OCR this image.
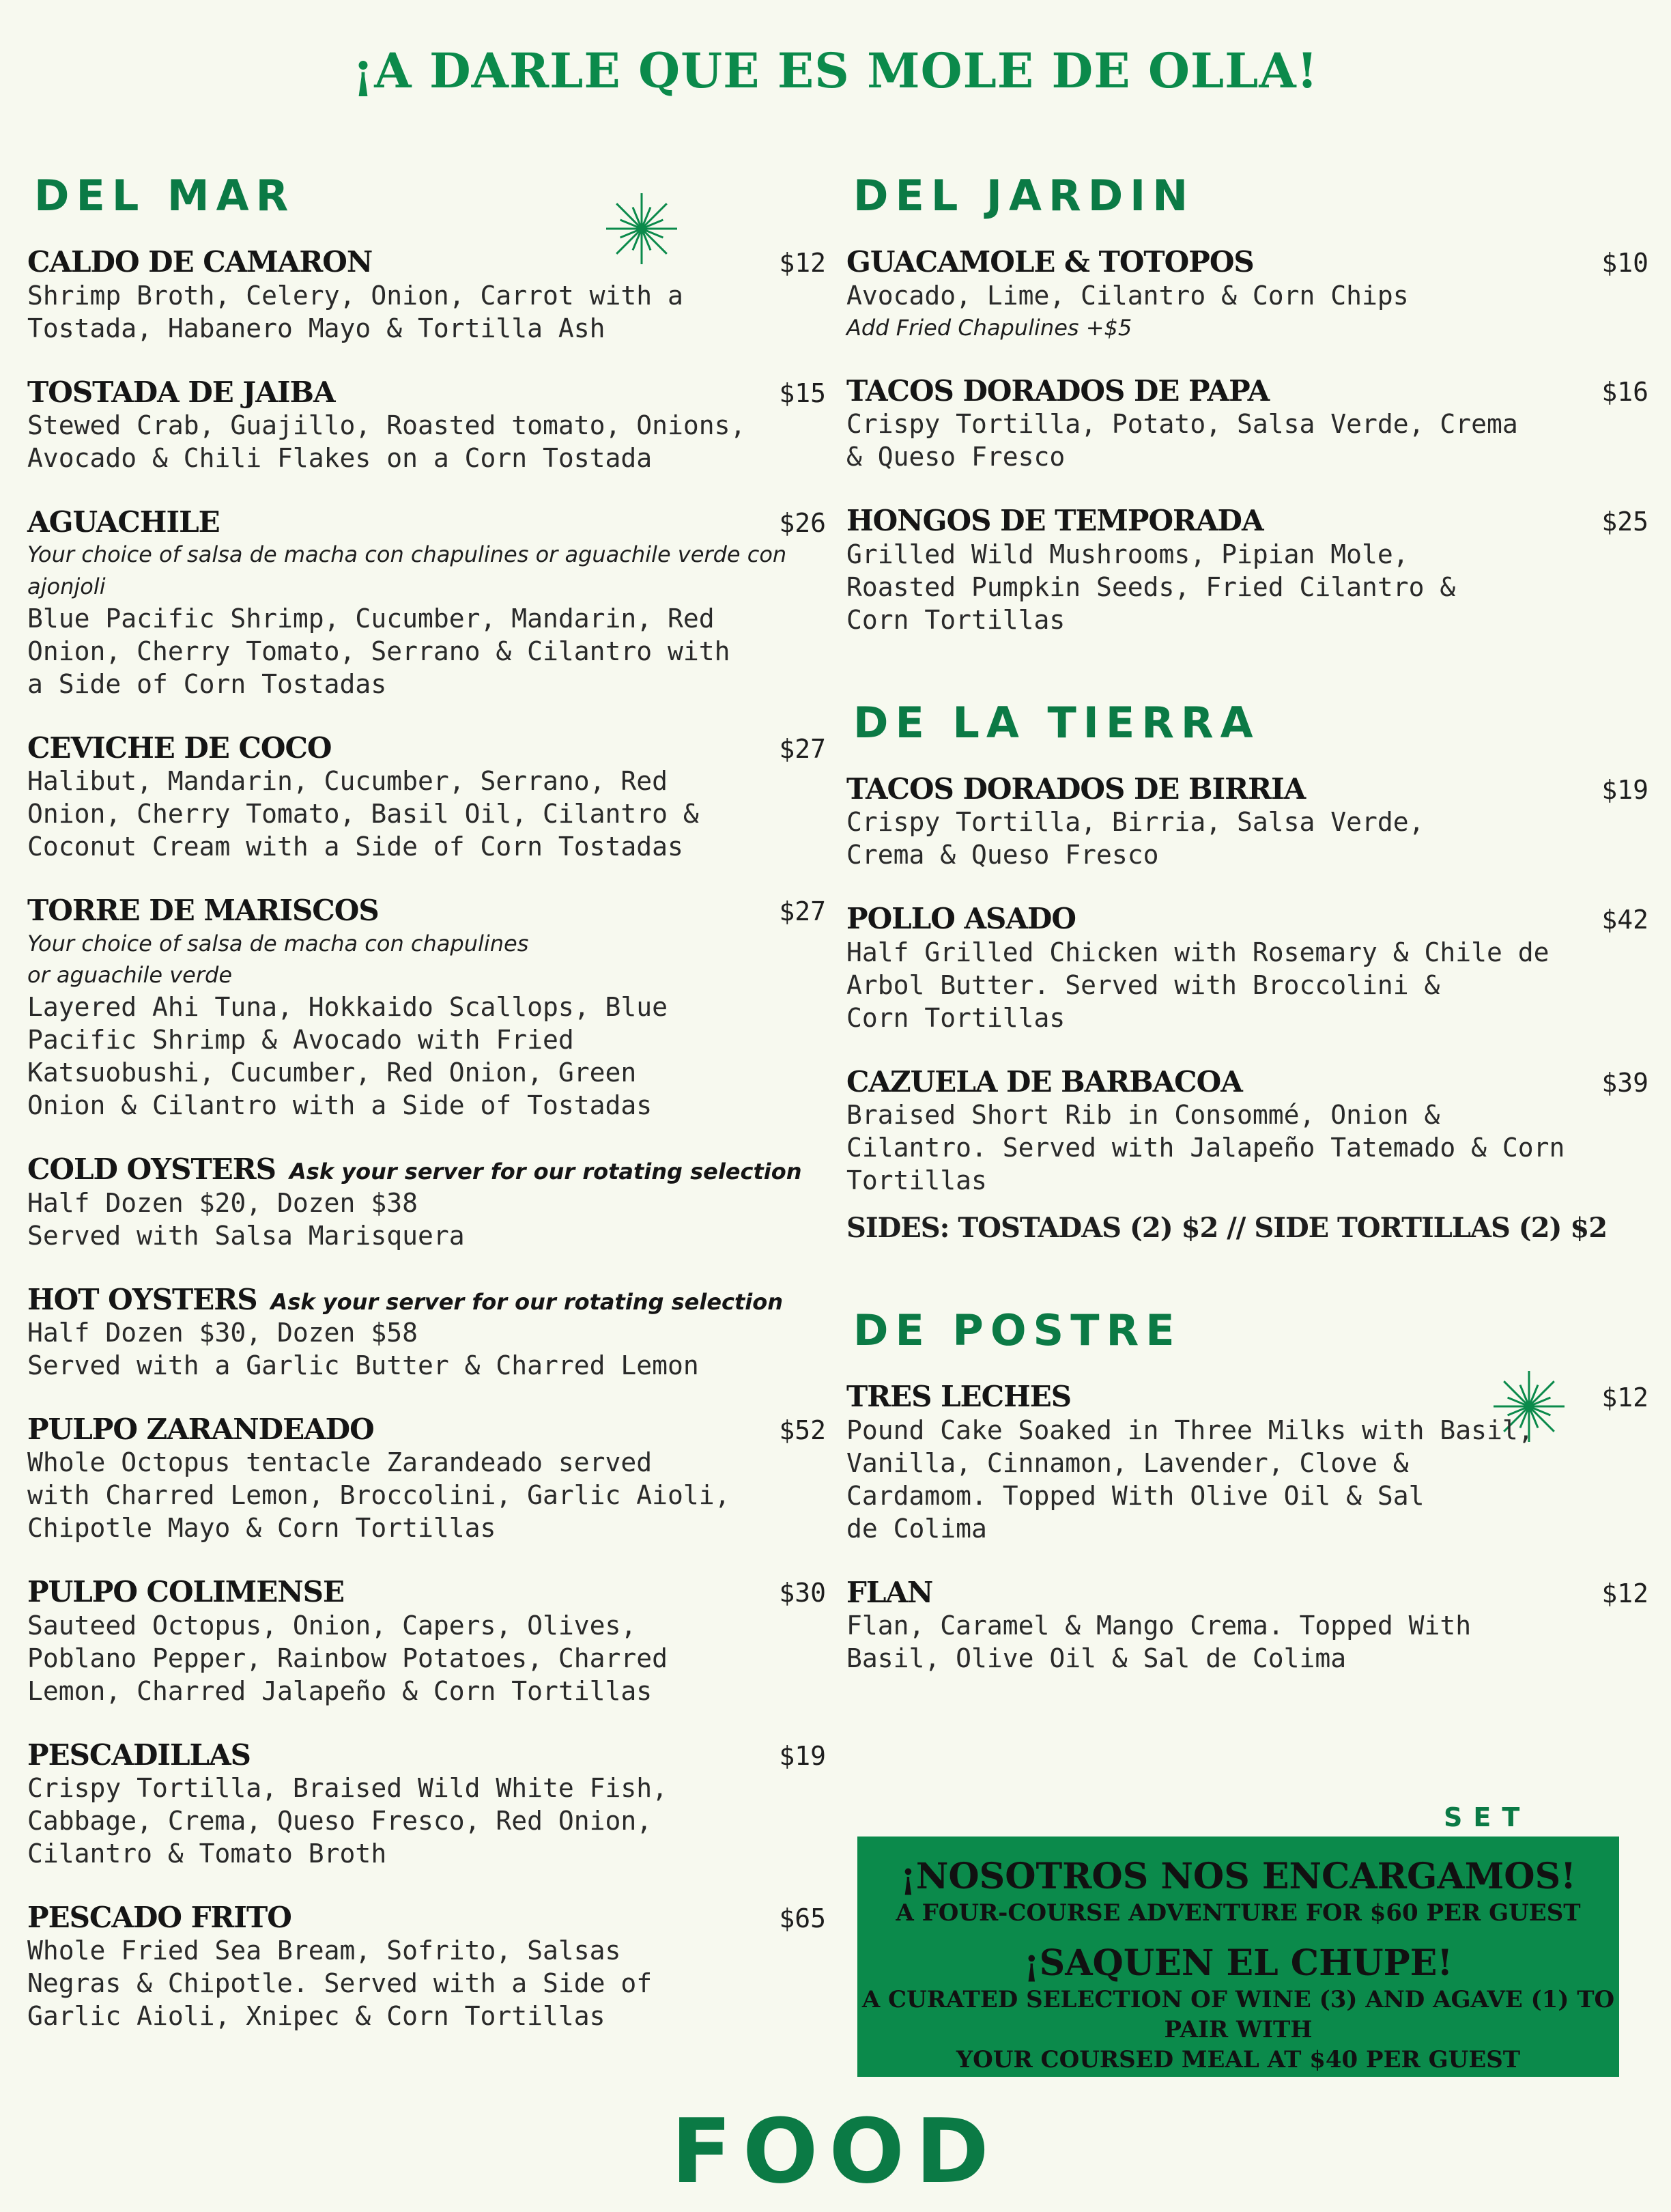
¡A DARLE QUE ES MOLE DE OLLA!
DEL MAR
CALDO DE CAMARON	$12
Shrimp Broth, Celery, Onion, Carrot with a
Tostada, Habanero Mayo & Tortilla Ash
TOSTADA DE JAIBA	$15
Stewed Crab, Guajillo, Roasted tomato, Onions,
Avocado & Chili Flakes on a Corn Tostada
AGUACHILE	$26
Your choice of salsa de macha con chapulines or aguachile verde con ajonjoli
Blue Pacific Shrimp, Cucumber, Mandarin, Red
Onion, Cherry Tomato, Serrano & Cilantro with
a Side of Corn Tostadas
CEVICHE DE COCO	$27
Halibut, Mandarin, Cucumber, Serrano, Red
Onion, Cherry Tomato, Basil Oil, Cilantro &
Coconut Cream with a Side of Corn Tostadas
TORRE DE MARISCOS	$27
Your choice of salsa de macha con chapulines
or aguachile verde
Layered Ahi Tuna, Hokkaido Scallops, Blue
Pacific Shrimp & Avocado with Fried
Katsuobushi, Cucumber, Red Onion, Green
Onion & Cilantro with a Side of Tostadas
COLD OYSTERS Ask your server for our rotating selection
Half Dozen $20, Dozen $38
Served with Salsa Marisquera
HOT OYSTERS Ask your server for our rotating selection
Half Dozen $30, Dozen $58
Served with a Garlic Butter & Charred Lemon
PULPO ZARANDEADO	$52
Whole Octopus tentacle Zarandeado served
with Charred Lemon, Broccolini, Garlic Aioli,
Chipotle Mayo & Corn Tortillas
PULPO COLIMENSE	$30
Sauteed Octopus, Onion, Capers, Olives,
Poblano Pepper, Rainbow Potatoes, Charred
Lemon, Charred Jalapeño & Corn Tortillas
PESCADILLAS	$19
Crispy Tortilla, Braised Wild White Fish,
Cabbage, Crema, Queso Fresco, Red Onion,
Cilantro & Tomato Broth
PESCADO FRITO	$65
Whole Fried Sea Bream, Sofrito, Salsas
Negras & Chipotle. Served with a Side of
Garlic Aioli, Xnipec & Corn Tortillas
DEL JARDIN
GUACAMOLE & TOTOPOS	$10
Avocado, Lime, Cilantro & Corn Chips
Add Fried Chapulines +$5
TACOS DORADOS DE PAPA	$16
Crispy Tortilla, Potato, Salsa Verde, Crema
& Queso Fresco
HONGOS DE TEMPORADA	$25
Grilled Wild Mushrooms, Pipian Mole,
Roasted Pumpkin Seeds, Fried Cilantro &
Corn Tortillas
DE LA TIERRA
TACOS DORADOS DE BIRRIA	$19
Crispy Tortilla, Birria, Salsa Verde,
Crema & Queso Fresco
POLLO ASADO	$42
Half Grilled Chicken with Rosemary & Chile de
Arbol Butter. Served with Broccolini &
Corn Tortillas
CAZUELA DE BARBACOA	$39
Braised Short Rib in Consommé, Onion &
Cilantro. Served with Jalapeño Tatemado & Corn
Tortillas
SIDES: TOSTADAS (2) $2 // SIDE TORTILLAS (2) $2
DE POSTRE
TRES LECHES	$12
Pound Cake Soaked in Three Milks with Basil,
Vanilla, Cinnamon, Lavender, Clove &
Cardamom. Topped With Olive Oil & Sal
de Colima
FLAN	$12
Flan, Caramel & Mango Crema. Topped With
Basil, Olive Oil & Sal de Colima
SET
¡NOSOTROS NOS ENCARGAMOS!
A FOUR-COURSE ADVENTURE FOR $60 PER GUEST
¡SAQUEN EL CHUPE!
A CURATED SELECTION OF WINE (3) AND AGAVE (1) TO PAIR WITH
YOUR COURSED MEAL AT $40 PER GUEST
FOOD
